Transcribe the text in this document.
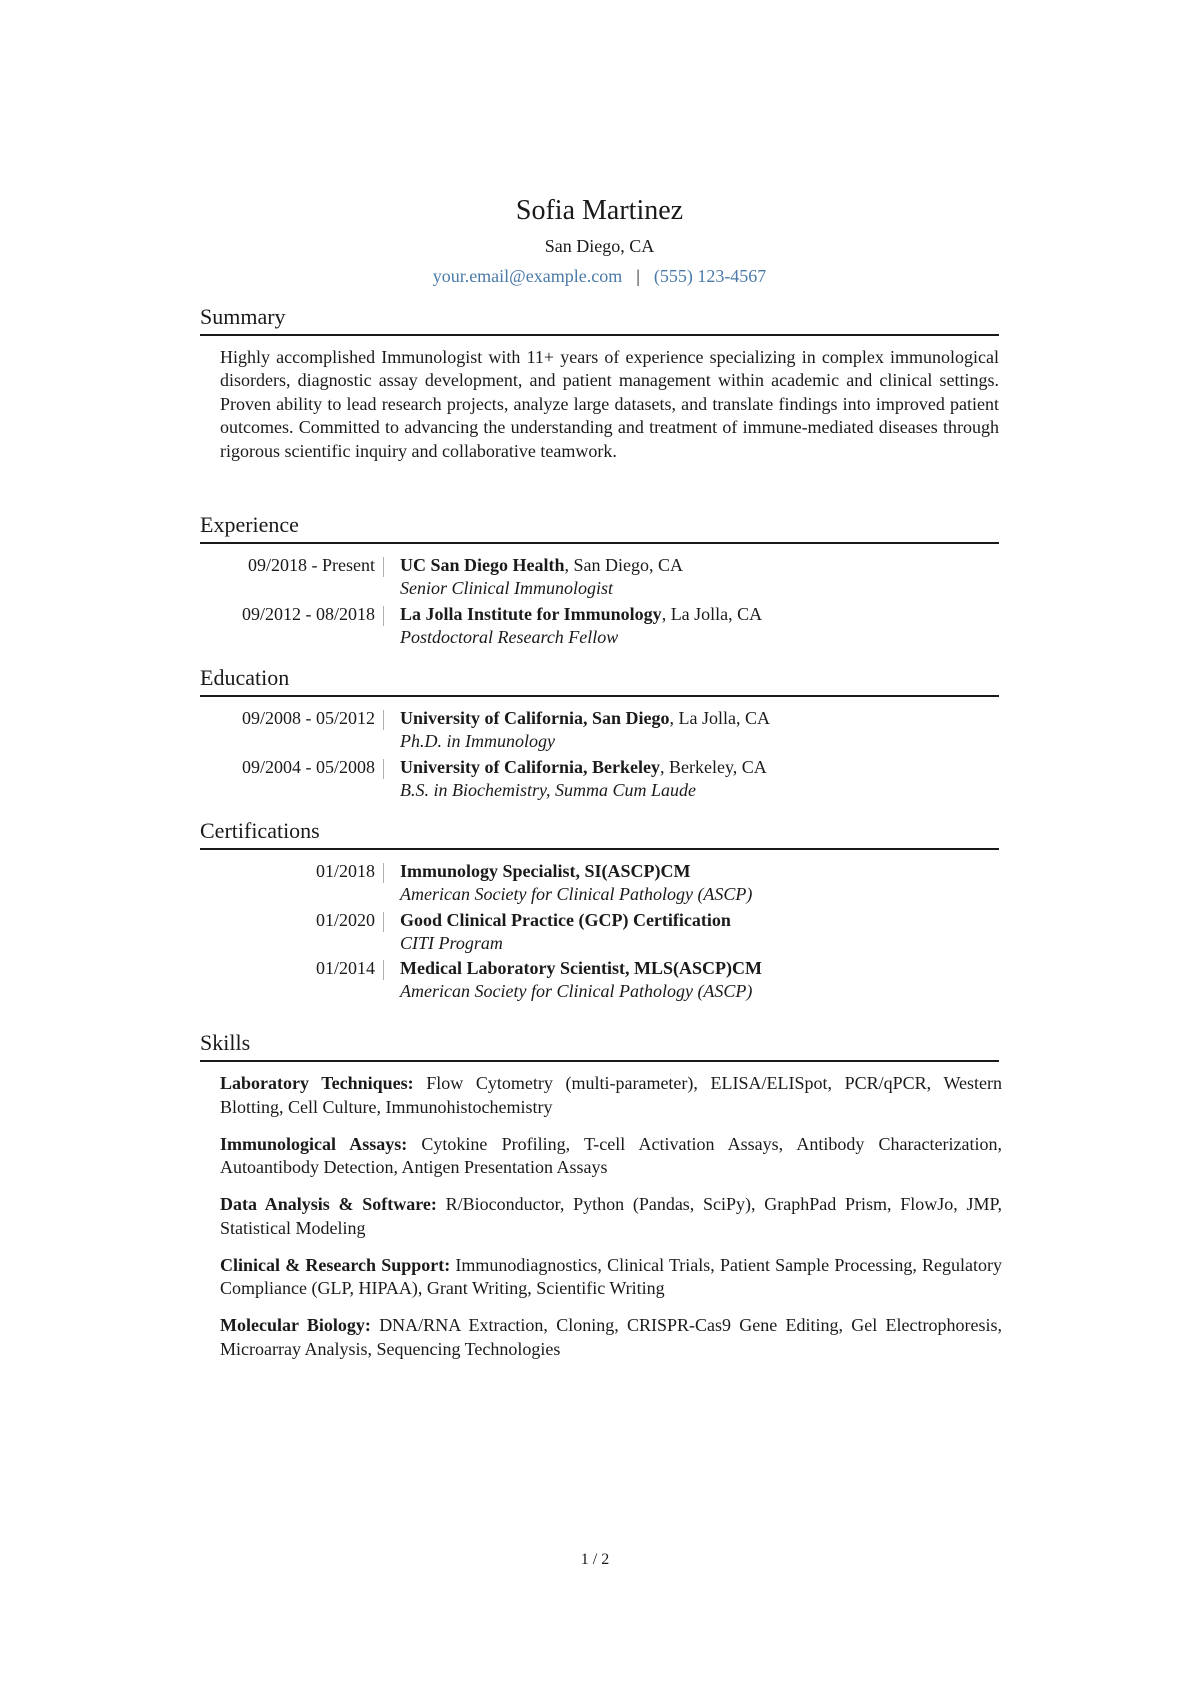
Sofia Martinez
San Diego, CA
your.email@example.com | (555) 123-4567
Summary
Highly accomplished Immunologist with 11+ years of experience specializing in complex immunological disorders, diagnostic assay development, and patient management within academic and clinical settings. Proven ability to lead research projects, analyze large datasets, and translate findings into improved patient outcomes. Committed to advancing the understanding and treatment of immune-mediated diseases through rigorous scientific inquiry and collaborative teamwork.
Experience
09/2018 - Present	UC San Diego Health, San Diego, CA
Senior Clinical Immunologist
09/2012 - 08/2018	La Jolla Institute for Immunology, La Jolla, CA
Postdoctoral Research Fellow
Education
09/2008 - 05/2012	University of California, San Diego, La Jolla, CA
Ph.D. in Immunology
09/2004 - 05/2008	University of California, Berkeley, Berkeley, CA
B.S. in Biochemistry, Summa Cum Laude
Certifications
01/2018	Immunology Specialist, SI(ASCP)CM
American Society for Clinical Pathology (ASCP)
01/2020	Good Clinical Practice (GCP) Certification
CITI Program
01/2014	Medical Laboratory Scientist, MLS(ASCP)CM
American Society for Clinical Pathology (ASCP)
Skills
Laboratory Techniques: Flow Cytometry (multi-parameter), ELISA/ELISpot, PCR/qPCR, Western Blotting, Cell Culture, Immunohistochemistry
Immunological Assays: Cytokine Profiling, T-cell Activation Assays, Antibody Characterization, Autoantibody Detection, Antigen Presentation Assays
Data Analysis & Software: R/Bioconductor, Python (Pandas, SciPy), GraphPad Prism, FlowJo, JMP, Statistical Modeling
Clinical & Research Support: Immunodiagnostics, Clinical Trials, Patient Sample Processing, Regulatory Compliance (GLP, HIPAA), Grant Writing, Scientific Writing
Molecular Biology: DNA/RNA Extraction, Cloning, CRISPR-Cas9 Gene Editing, Gel Electrophoresis, Microarray Analysis, Sequencing Technologies
1 / 2
